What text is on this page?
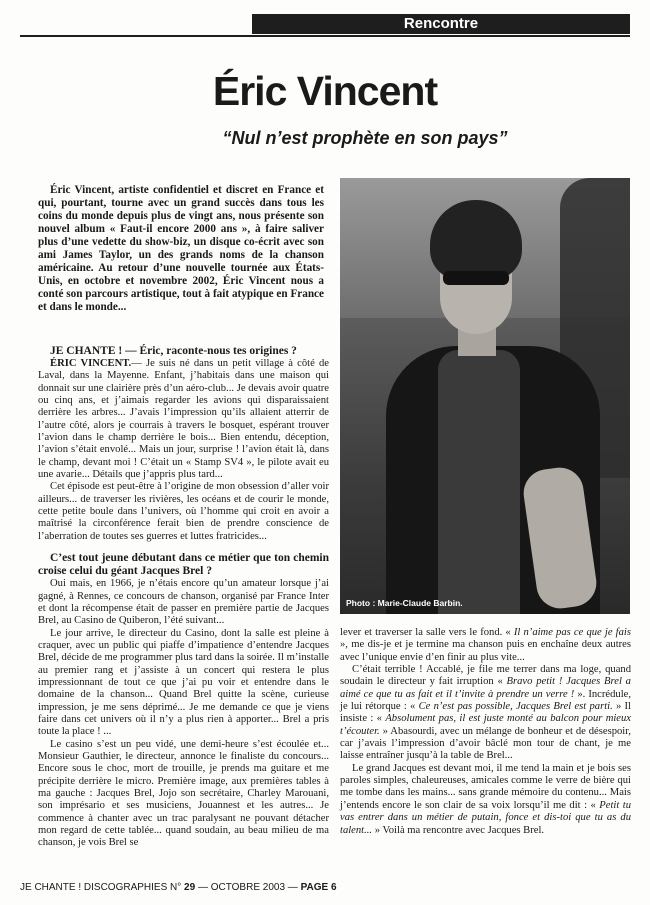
Rencontre
Éric Vincent
“Nul n’est prophète en son pays”

Éric Vincent, artiste confidentiel et discret en France et qui, pourtant, tourne avec un grand succès dans tous les coins du monde depuis plus de vingt ans, nous présente son nouvel album « Faut-il encore 2000 ans », à faire saliver plus d’une vedette du show-biz, un disque co-écrit avec son ami James Taylor, un des grands noms de la chanson américaine. Au retour d’une nouvelle tournée aux États-Unis, en octobre et novembre 2002, Éric Vincent nous a conté son parcours artistique, tout à fait atypique en France et dans le monde...

Photo : Marie-Claude Barbin.

JE CHANTE ! — Éric, raconte-nous tes origines ?

ÉRIC VINCENT.— Je suis né dans un petit village à côté de Laval, dans la Mayenne. Enfant, j’habitais dans une maison qui donnait sur une clairière près d’un aéro-club... Je devais avoir quatre ou cinq ans, et j’aimais regarder les avions qui disparaissaient derrière les arbres... J’avais l’impression qu’ils allaient atterrir de l’autre côté, alors je courrais à travers le bosquet, espérant trouver l’avion dans le champ derrière le bois... Bien entendu, déception, l’avion s’était envolé... Mais un jour, surprise ! l’avion était là, dans le champ, devant moi ! C’était un « Stamp SV4 », le pilote avait eu une avarie... Détails que j’appris plus tard...

Cet épisode est peut-être à l’origine de mon obsession d’aller voir ailleurs... de traverser les rivières, les océans et de courir le monde, cette petite boule dans l’univers, où l’homme qui croit en avoir a maîtrisé la circonférence ferait bien de prendre conscience de l’aberration de toutes ses guerres et luttes fratricides...

C’est tout jeune débutant dans ce métier que ton chemin croise celui du géant Jacques Brel ?

Oui mais, en 1966, je n’étais encore qu’un amateur lorsque j’ai gagné, à Rennes, ce concours de chanson, organisé par France Inter et dont la récompense était de passer en première partie de Jacques Brel, au Casino de Quiberon, l’été suivant...

Le jour arrive, le directeur du Casino, dont la salle est pleine à craquer, avec un public qui piaffe d’impatience d’entendre Jacques Brel, décide de me programmer plus tard dans la soirée. Il m’installe au premier rang et j’assiste à un concert qui restera le plus impressionnant de tout ce que j’ai pu voir et entendre dans le domaine de la chanson... Quand Brel quitte la scène, curieuse impression, je me sens déprimé... Je me demande ce que je viens faire dans cet univers où il n’y a plus rien à apporter... Brel a pris toute la place ! ...

Le casino s’est un peu vidé, une demi-heure s’est écoulée et... Monsieur Gauthier, le directeur, annonce le finaliste du concours... Encore sous le choc, mort de trouille, je prends ma guitare et me précipite derrière le micro. Première image, aux premières tables à ma gauche : Jacques Brel, Jojo son secrétaire, Charley Marouani, son imprésario et ses musiciens, Jouannest et les autres... Je commence à chanter avec un trac paralysant ne pouvant détacher mon regard de cette tablée... quand soudain, au beau milieu de ma chanson, je vois Brel se

lever et traverser la salle vers le fond. « Il n’aime pas ce que je fais », me dis-je et je termine ma chanson puis en enchaîne deux autres avec l’unique envie d’en finir au plus vite...

C’était terrible ! Accablé, je file me terrer dans ma loge, quand soudain le directeur y fait irruption « Bravo petit ! Jacques Brel a aimé ce que tu as fait et il t’invite à prendre un verre ! ». Incrédule, je lui rétorque : « Ce n’est pas possible, Jacques Brel est parti. » Il insiste : « Absolument pas, il est juste monté au balcon pour mieux t’écouter. » Abasourdi, avec un mélange de bonheur et de désespoir, car j’avais l’impression d’avoir bâclé mon tour de chant, je me laisse entraîner jusqu’à la table de Brel...

Le grand Jacques est devant moi, il me tend la main et je bois ses paroles simples, chaleureuses, amicales comme le verre de bière qui me tombe dans les mains... sans grande mémoire du contenu... Mais j’entends encore le son clair de sa voix lorsqu’il me dit : « Petit tu vas entrer dans un métier de putain, fonce et dis-toi que tu as du talent... » Voilà ma rencontre avec Jacques Brel.

JE CHANTE ! DISCOGRAPHIES N° 29 — OCTOBRE 2003 — PAGE 6
